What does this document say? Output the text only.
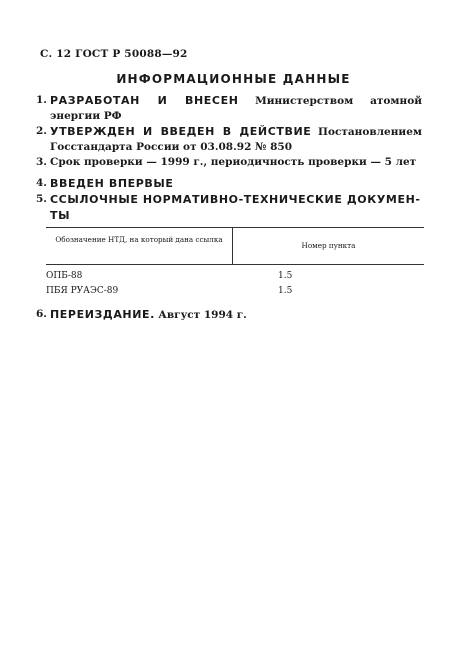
С. 12 ГОСТ Р 50088—92
ИНФОРМАЦИОННЫЕ ДАННЫЕ
1. РАЗРАБОТАН И ВНЕСЕН Министерством атомной энергии РФ
2. УТВЕРЖДЕН И ВВЕДЕН В ДЕЙСТВИЕ Постановлением Госстандарта России от 03.08.92 № 850
3. Срок проверки — 1999 г., периодичность проверки — 5 лет
4. ВВЕДЕН ВПЕРВЫЕ
5. ССЫЛОЧНЫЕ НОРМАТИВНО-ТЕХНИЧЕСКИЕ ДОКУМЕН-ТЫ
Обозначение НТД, на который дана ссылка
Номер пункта
ОПБ-88	1.5
ПБЯ РУАЭС-89	1.5
6. ПЕРЕИЗДАНИЕ. Август 1994 г.
